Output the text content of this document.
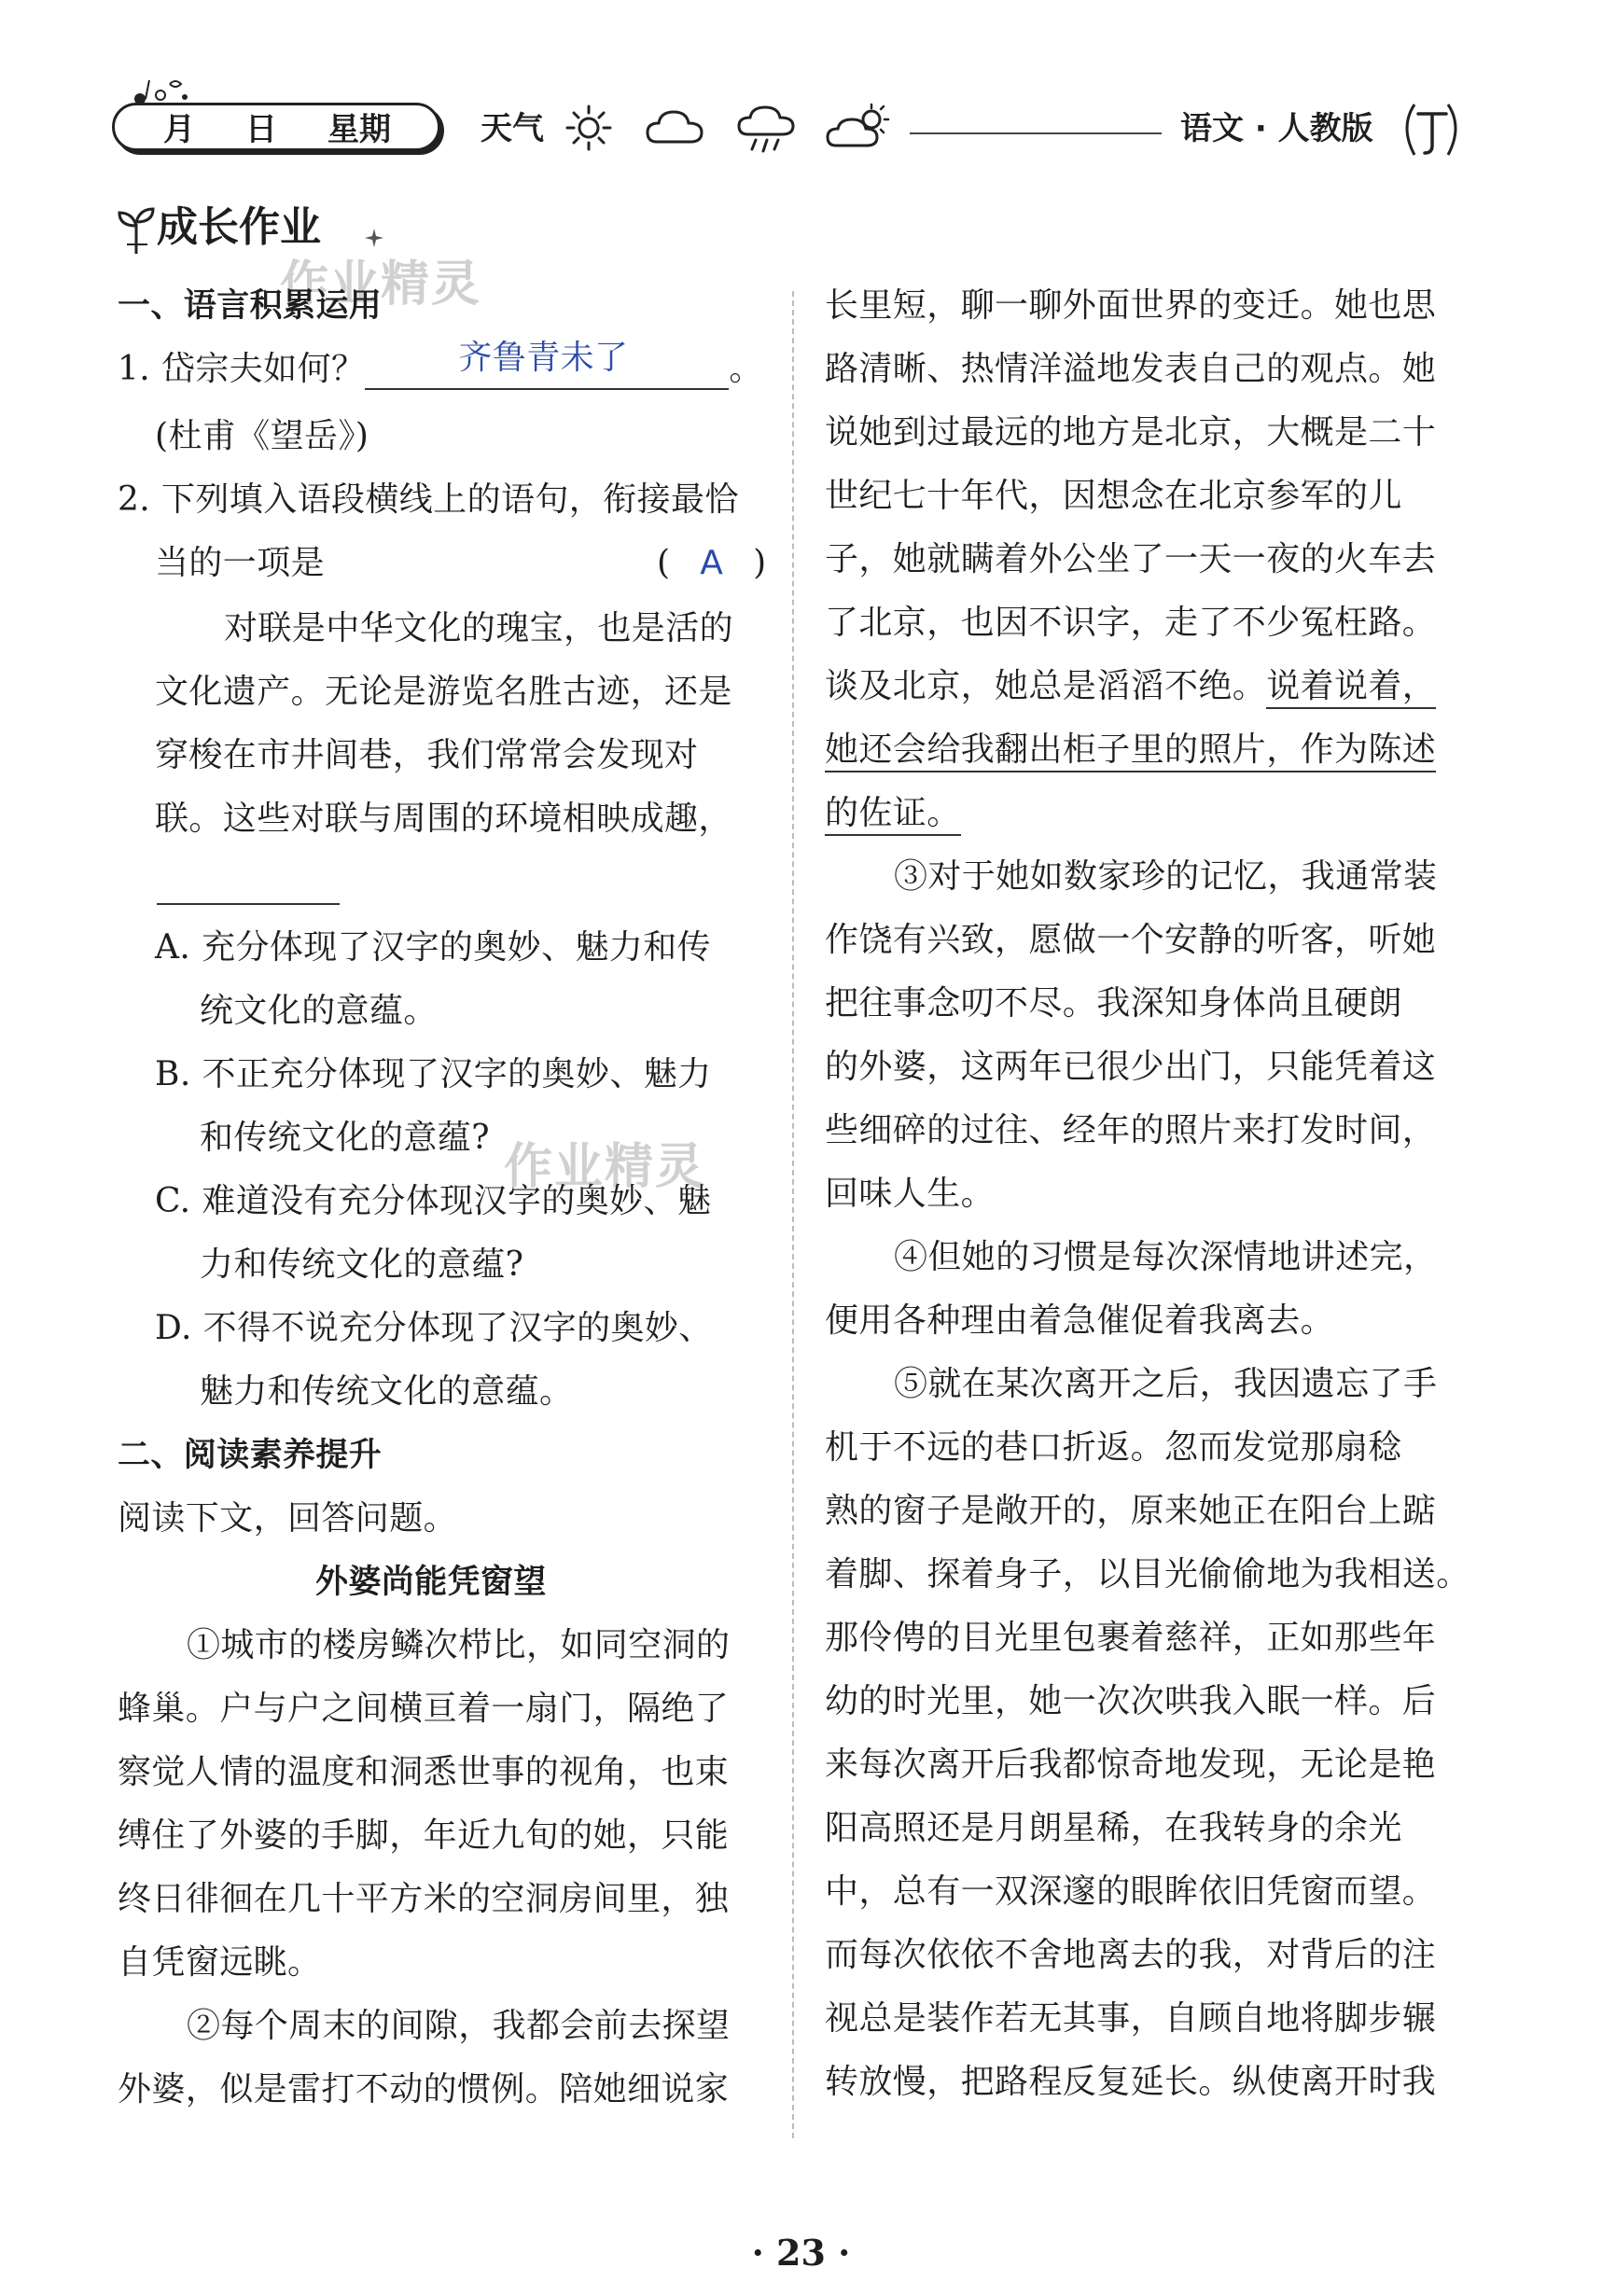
月 日 星期	天气	语文 · 人教版
成长作业
作业精灵
作业精灵
一、语言积累运用
1. 岱宗夫如何？	齐鲁青未了	。
(杜甫《望岳》)
2. 下列填入语段横线上的语句，衔接最恰
当的一项是	( A )
对联是中华文化的瑰宝，也是活的
文化遗产。无论是游览名胜古迹，还是
穿梭在市井闾巷，我们常常会发现对
联。这些对联与周围的环境相映成趣，
A. 充分体现了汉字的奥妙、魅力和传
统文化的意蕴。
B. 不正充分体现了汉字的奥妙、魅力
和传统文化的意蕴?
C. 难道没有充分体现汉字的奥妙、魅
力和传统文化的意蕴?
D. 不得不说充分体现了汉字的奥妙、
魅力和传统文化的意蕴。
二、阅读素养提升
阅读下文，回答问题。
外婆尚能凭窗望
①城市的楼房鳞次栉比，如同空洞的
蜂巢。户与户之间横亘着一扇门，隔绝了
察觉人情的温度和洞悉世事的视角，也束
缚住了外婆的手脚，年近九旬的她，只能
终日徘徊在几十平方米的空洞房间里，独
自凭窗远眺。
②每个周末的间隙，我都会前去探望
外婆，似是雷打不动的惯例。陪她细说家
长里短，聊一聊外面世界的变迁。她也思
路清晰、热情洋溢地发表自己的观点。她
说她到过最远的地方是北京，大概是二十
世纪七十年代，因想念在北京参军的儿
子，她就瞒着外公坐了一天一夜的火车去
了北京，也因不识字，走了不少冤枉路。
谈及北京，她总是滔滔不绝。说着说着，
她还会给我翻出柜子里的照片，作为陈述
的佐证。
③对于她如数家珍的记忆，我通常装
作饶有兴致，愿做一个安静的听客，听她
把往事念叨不尽。我深知身体尚且硬朗
的外婆，这两年已很少出门，只能凭着这
些细碎的过往、经年的照片来打发时间，
回味人生。
④但她的习惯是每次深情地讲述完，
便用各种理由着急催促着我离去。
⑤就在某次离开之后，我因遗忘了手
机于不远的巷口折返。忽而发觉那扇稔
熟的窗子是敞开的，原来她正在阳台上踮
着脚、探着身子，以目光偷偷地为我相送。
那伶俜的目光里包裹着慈祥，正如那些年
幼的时光里，她一次次哄我入眠一样。后
来每次离开后我都惊奇地发现，无论是艳
阳高照还是月朗星稀，在我转身的余光
中，总有一双深邃的眼眸依旧凭窗而望。
而每次依依不舍地离去的我，对背后的注
视总是装作若无其事，自顾自地将脚步辗
转放慢，把路程反复延长。纵使离开时我
· 23 ·
